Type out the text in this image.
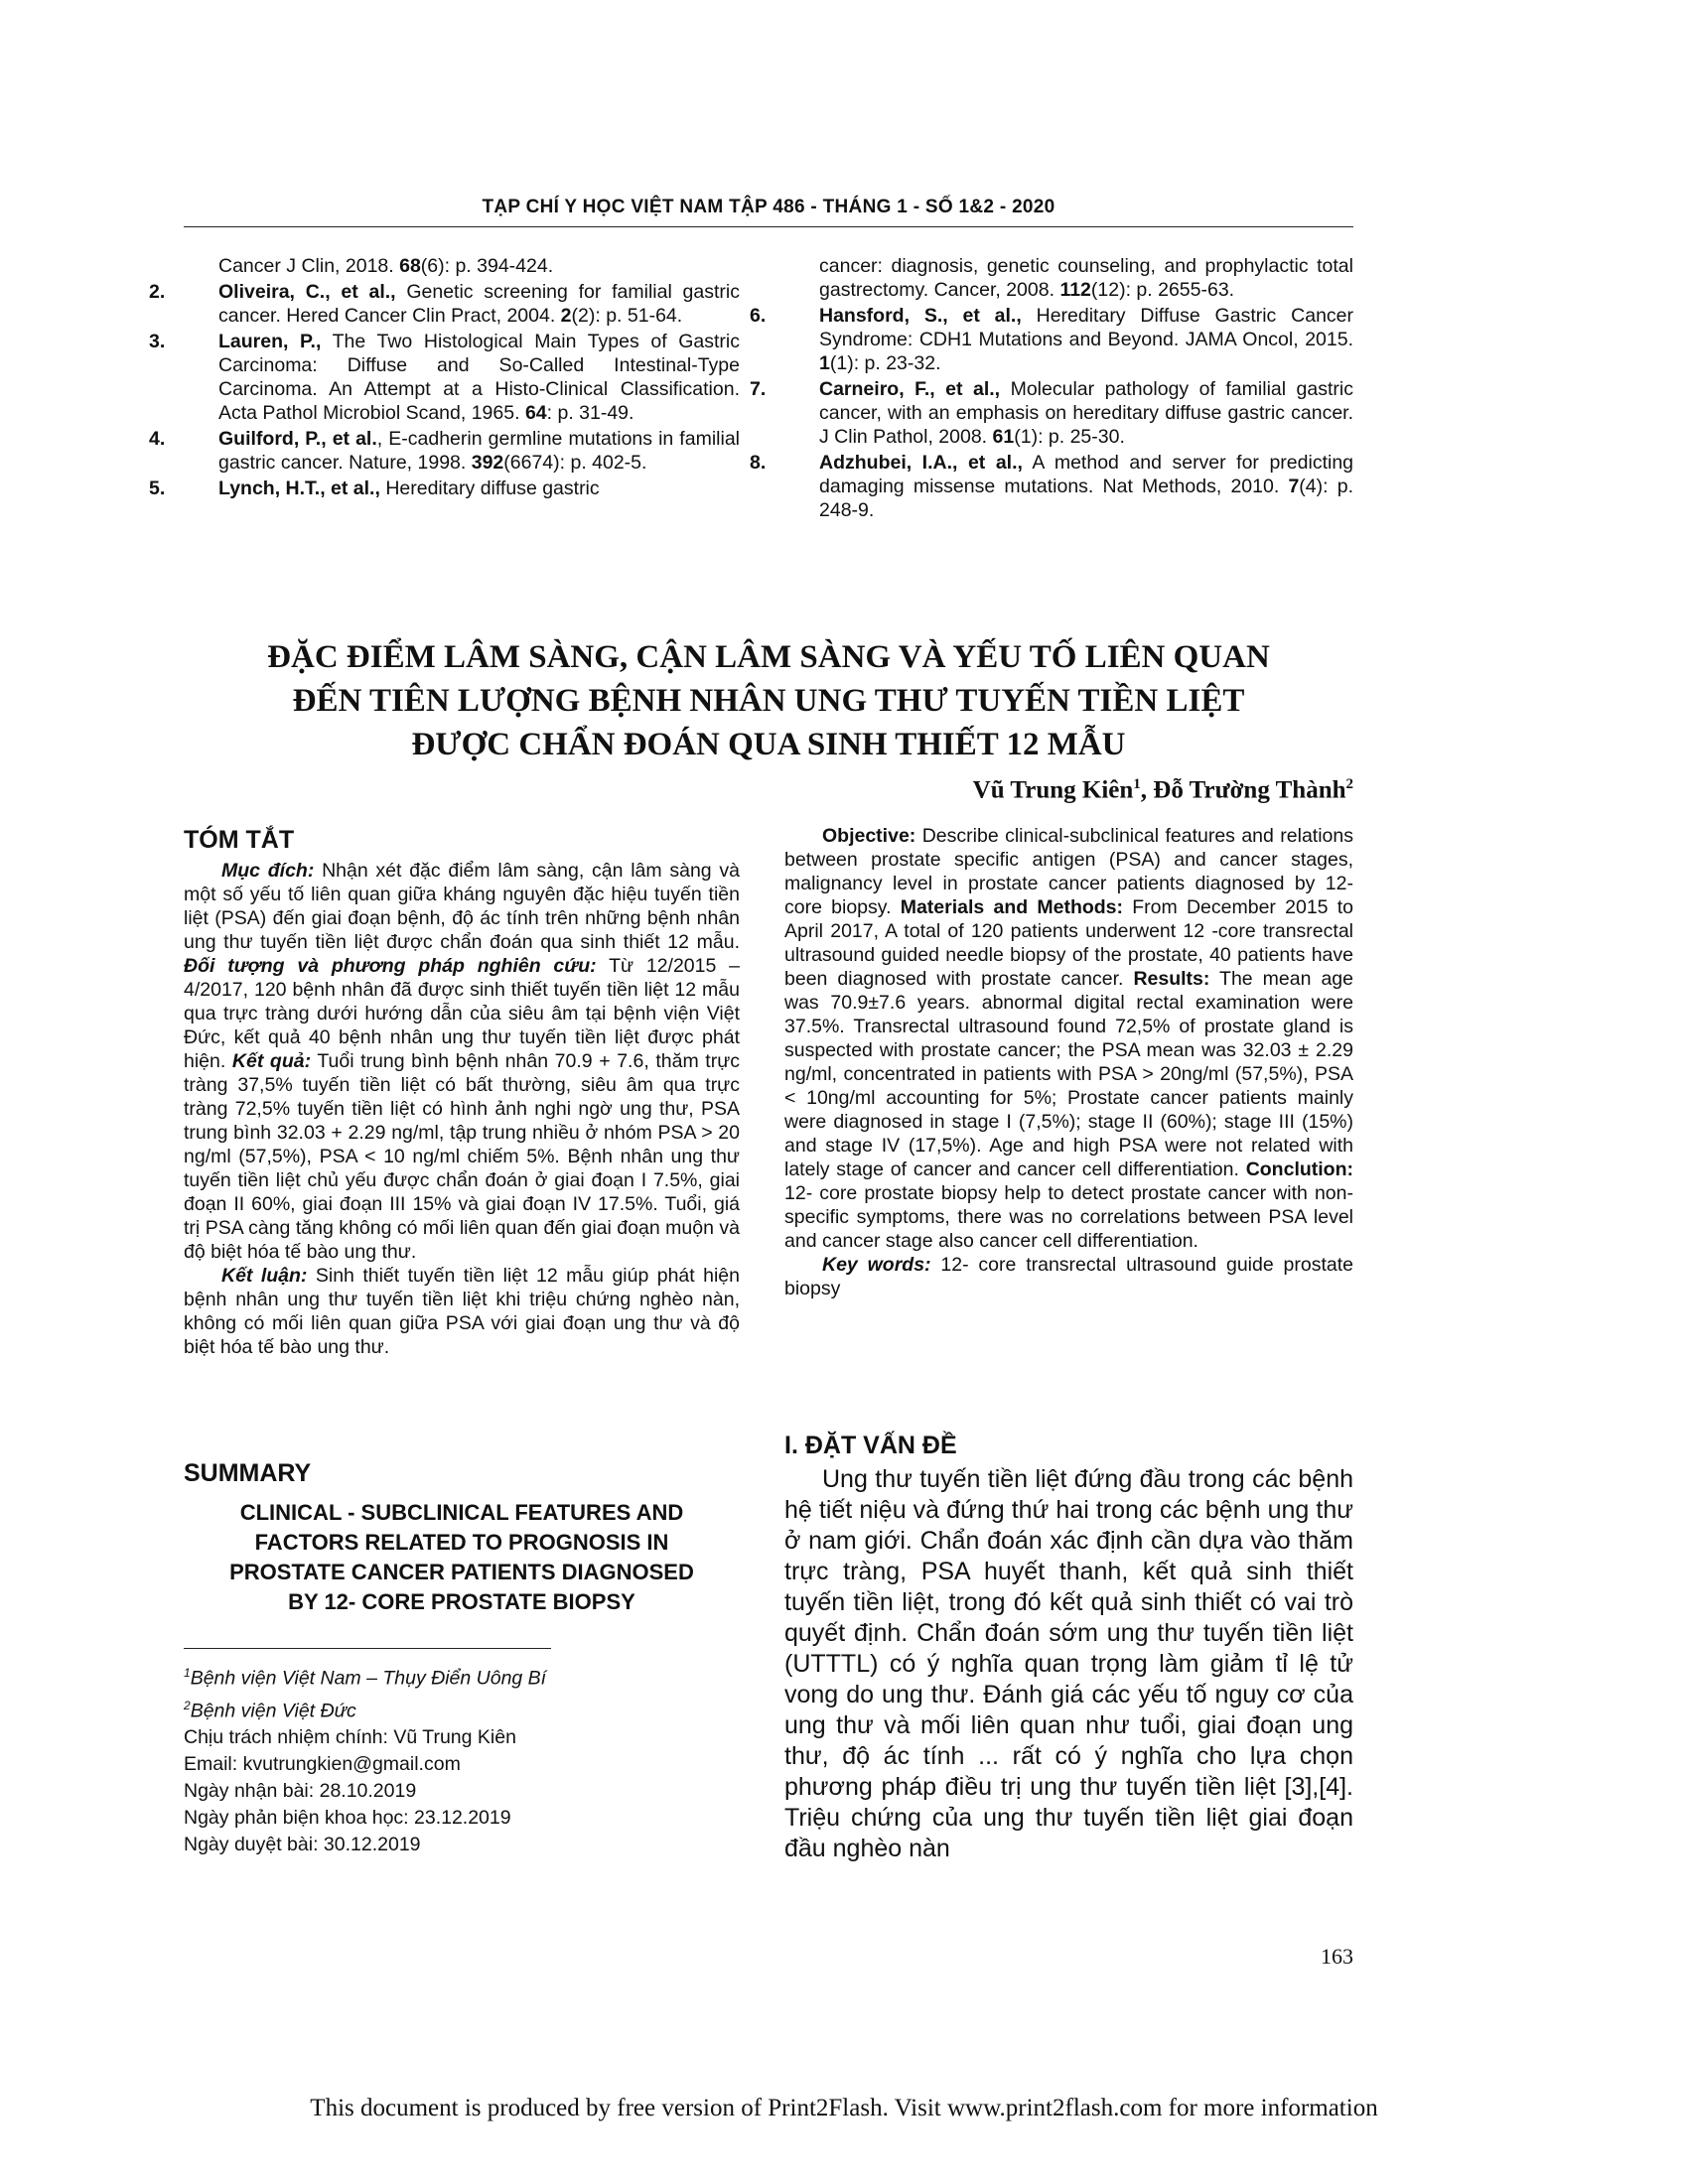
TẠP CHÍ Y HỌC VIỆT NAM TẬP 486 - THÁNG 1 - SỐ 1&2 - 2020

Cancer J Clin, 2018. 68(6): p. 394-424.

2.	Oliveira, C., et al., Genetic screening for familial gastric cancer. Hered Cancer Clin Pract, 2004. 2(2): p. 51-64.

3.	Lauren, P., The Two Histological Main Types of Gastric Carcinoma: Diffuse and So-Called Intestinal-Type Carcinoma. An Attempt at a Histo-Clinical Classification. Acta Pathol Microbiol Scand, 1965. 64: p. 31-49.

4.	Guilford, P., et al., E-cadherin germline mutations in familial gastric cancer. Nature, 1998. 392(6674): p. 402-5.

5.	Lynch, H.T., et al., Hereditary diffuse gastric

cancer: diagnosis, genetic counseling, and prophylactic total gastrectomy. Cancer, 2008. 112(12): p. 2655-63.

6.	Hansford, S., et al., Hereditary Diffuse Gastric Cancer Syndrome: CDH1 Mutations and Beyond. JAMA Oncol, 2015. 1(1): p. 23-32.

7.	Carneiro, F., et al., Molecular pathology of familial gastric cancer, with an emphasis on hereditary diffuse gastric cancer. J Clin Pathol, 2008. 61(1): p. 25-30.

8.	Adzhubei, I.A., et al., A method and server for predicting damaging missense mutations. Nat Methods, 2010. 7(4): p. 248-9.

ĐẶC ĐIỂM LÂM SÀNG, CẬN LÂM SÀNG VÀ YẾU TỐ LIÊN QUAN
ĐẾN TIÊN LƯỢNG BỆNH NHÂN UNG THƯ TUYẾN TIỀN LIỆT
ĐƯỢC CHẨN ĐOÁN QUA SINH THIẾT 12 MẪU
Vũ Trung Kiên$^1$, Đỗ Trường Thành$^2$
TÓM TẮT

Mục đích: Nhận xét đặc điểm lâm sàng, cận lâm sàng và một số yếu tố liên quan giữa kháng nguyên đặc hiệu tuyến tiền liệt (PSA) đến giai đoạn bệnh, độ ác tính trên những bệnh nhân ung thư tuyến tiền liệt được chẩn đoán qua sinh thiết 12 mẫu. Đối tượng và phương pháp nghiên cứu: Từ 12/2015 – 4/2017, 120 bệnh nhân đã được sinh thiết tuyến tiền liệt 12 mẫu qua trực tràng dưới hướng dẫn của siêu âm tại bệnh viện Việt Đức, kết quả 40 bệnh nhân ung thư tuyến tiền liệt được phát hiện. Kết quả: Tuổi trung bình bệnh nhân 70.9 + 7.6, thăm trực tràng 37,5% tuyến tiền liệt có bất thường, siêu âm qua trực tràng 72,5% tuyến tiền liệt có hình ảnh nghi ngờ ung thư, PSA trung bình 32.03 + 2.29 ng/ml, tập trung nhiều ở nhóm PSA > 20 ng/ml (57,5%), PSA < 10 ng/ml chiếm 5%. Bệnh nhân ung thư tuyến tiền liệt chủ yếu được chẩn đoán ở giai đoạn I 7.5%, giai đoạn II 60%, giai đoạn III 15% và giai đoạn IV 17.5%. Tuổi, giá trị PSA càng tăng không có mối liên quan đến giai đoạn muộn và độ biệt hóa tế bào ung thư.

Kết luận: Sinh thiết tuyến tiền liệt 12 mẫu giúp phát hiện bệnh nhân ung thư tuyến tiền liệt khi triệu chứng nghèo nàn, không có mối liên quan giữa PSA với giai đoạn ung thư và độ biệt hóa tế bào ung thư.

SUMMARY
CLINICAL - SUBCLINICAL FEATURES AND
FACTORS RELATED TO PROGNOSIS IN
PROSTATE CANCER PATIENTS DIAGNOSED
BY 12- CORE PROSTATE BIOPSY
$^1$Bệnh viện Việt Nam – Thụy Điển Uông Bí
$^2$Bệnh viện Việt Đức
Chịu trách nhiệm chính: Vũ Trung Kiên
Email: kvutrungkien@gmail.com
Ngày nhận bài: 28.10.2019
Ngày phản biện khoa học: 23.12.2019
Ngày duyệt bài: 30.12.2019

Objective: Describe clinical-subclinical features and relations between prostate specific antigen (PSA) and cancer stages, malignancy level in prostate cancer patients diagnosed by 12- core biopsy. Materials and Methods: From December 2015 to April 2017, A total of 120 patients underwent 12 -core transrectal ultrasound guided needle biopsy of the prostate, 40 patients have been diagnosed with prostate cancer. Results: The mean age was 70.9±7.6 years. abnormal digital rectal examination were 37.5%. Transrectal ultrasound found 72,5% of prostate gland is suspected with prostate cancer; the PSA mean was 32.03 ± 2.29 ng/ml, concentrated in patients with PSA > 20ng/ml (57,5%), PSA < 10ng/ml accounting for 5%; Prostate cancer patients mainly were diagnosed in stage I (7,5%); stage II (60%); stage III (15%) and stage IV (17,5%). Age and high PSA were not related with lately stage of cancer and cancer cell differentiation. Conclution: 12- core prostate biopsy help to detect prostate cancer with non-specific symptoms, there was no correlations between PSA level and cancer stage also cancer cell differentiation.

Key words: 12- core transrectal ultrasound guide prostate biopsy

I. ĐẶT VẤN ĐỀ

Ung thư tuyến tiền liệt đứng đầu trong các bệnh hệ tiết niệu và đứng thứ hai trong các bệnh ung thư ở nam giới. Chẩn đoán xác định cần dựa vào thăm trực tràng, PSA huyết thanh, kết quả sinh thiết tuyến tiền liệt, trong đó kết quả sinh thiết có vai trò quyết định. Chẩn đoán sớm ung thư tuyến tiền liệt (UTTTL) có ý nghĩa quan trọng làm giảm tỉ lệ tử vong do ung thư. Đánh giá các yếu tố nguy cơ của ung thư và mối liên quan như tuổi, giai đoạn ung thư, độ ác tính ... rất có ý nghĩa cho lựa chọn phương pháp điều trị ung thư tuyến tiền liệt [3],[4]. Triệu chứng của ung thư tuyến tiền liệt giai đoạn đầu nghèo nàn

163
This document is produced by free version of Print2Flash. Visit www.print2flash.com for more information
